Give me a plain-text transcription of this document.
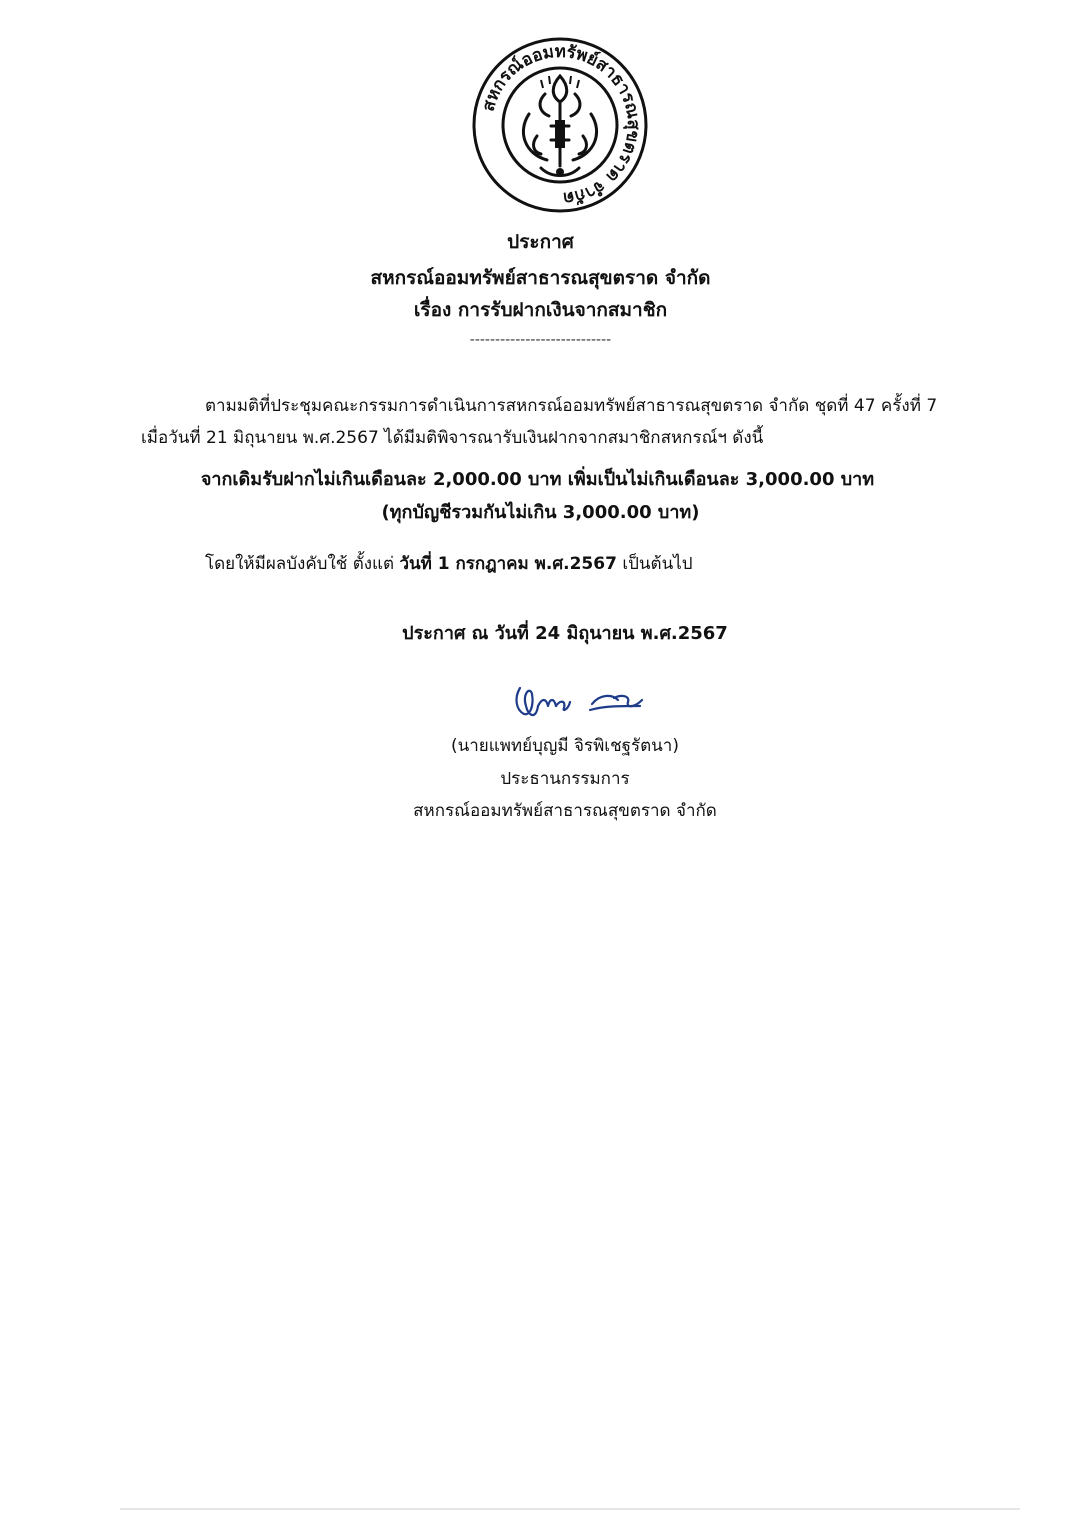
สหกรณ์ออมทรัพย์สาธารณสุขตราด จำกัด
ประกาศ
สหกรณ์ออมทรัพย์สาธารณสุขตราด จำกัด
เรื่อง การรับฝากเงินจากสมาชิก
----------------------------
ตามมติที่ประชุมคณะกรรมการดำเนินการสหกรณ์ออมทรัพย์สาธารณสุขตราด จำกัด ชุดที่ 47 ครั้งที่ 7
เมื่อวันที่ 21 มิถุนายน พ.ศ.2567 ได้มีมติพิจารณารับเงินฝากจากสมาชิกสหกรณ์ฯ ดังนี้
จากเดิมรับฝากไม่เกินเดือนละ 2,000.00 บาท เพิ่มเป็นไม่เกินเดือนละ 3,000.00 บาท
(ทุกบัญชีรวมกันไม่เกิน 3,000.00 บาท)
โดยให้มีผลบังคับใช้ ตั้งแต่ วันที่ 1 กรกฎาคม พ.ศ.2567 เป็นต้นไป
ประกาศ ณ วันที่ 24 มิถุนายน พ.ศ.2567
(นายแพทย์บุญมี จิรพิเชฐรัตนา)
ประธานกรรมการ
สหกรณ์ออมทรัพย์สาธารณสุขตราด จำกัด
